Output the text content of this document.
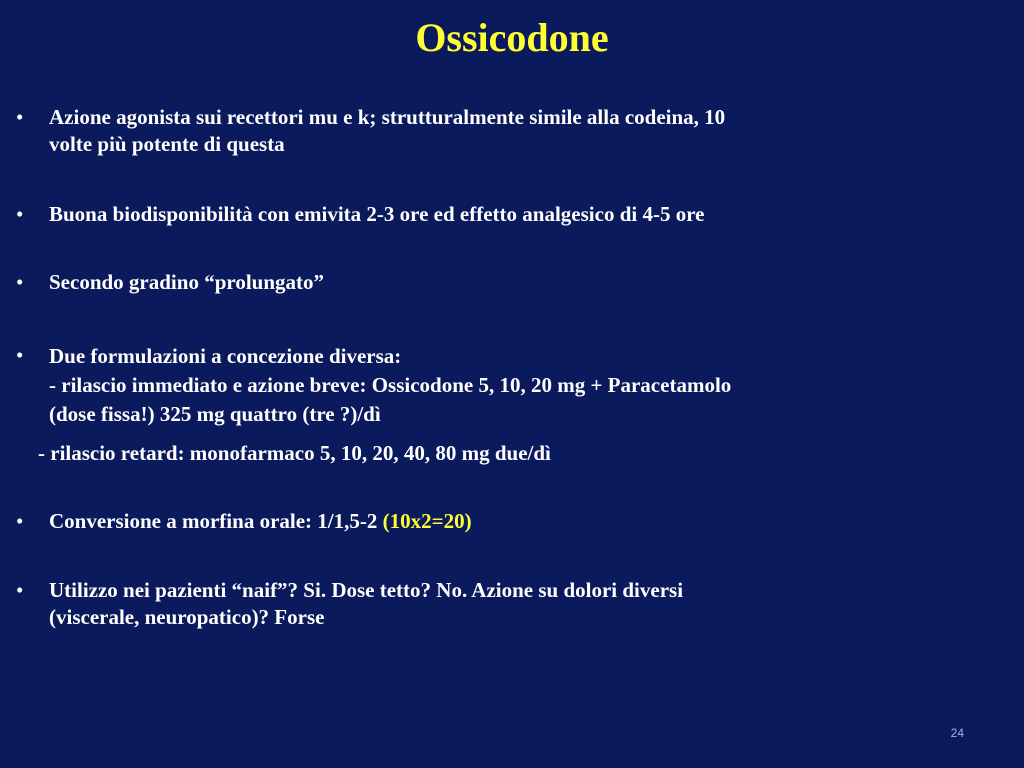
Ossicodone
•	Azione agonista sui recettori mu e k; strutturalmente simile alla codeina, 10
volte più potente di questa
•	Buona biodisponibilità con emivita 2-3 ore ed effetto analgesico di 4-5 ore
•	Secondo gradino “prolungato”
•	Due formulazioni a concezione diversa:
- rilascio immediato e azione breve: Ossicodone 5, 10, 20 mg + Paracetamolo
(dose fissa!) 325 mg quattro (tre ?)/dì
- rilascio retard: monofarmaco 5, 10, 20, 40, 80 mg due/dì
•	Conversione a morfina orale: 1/1,5-2 (10x2=20)
•	Utilizzo nei pazienti “naif”? Si. Dose tetto? No. Azione su dolori diversi
(viscerale, neuropatico)? Forse
24
